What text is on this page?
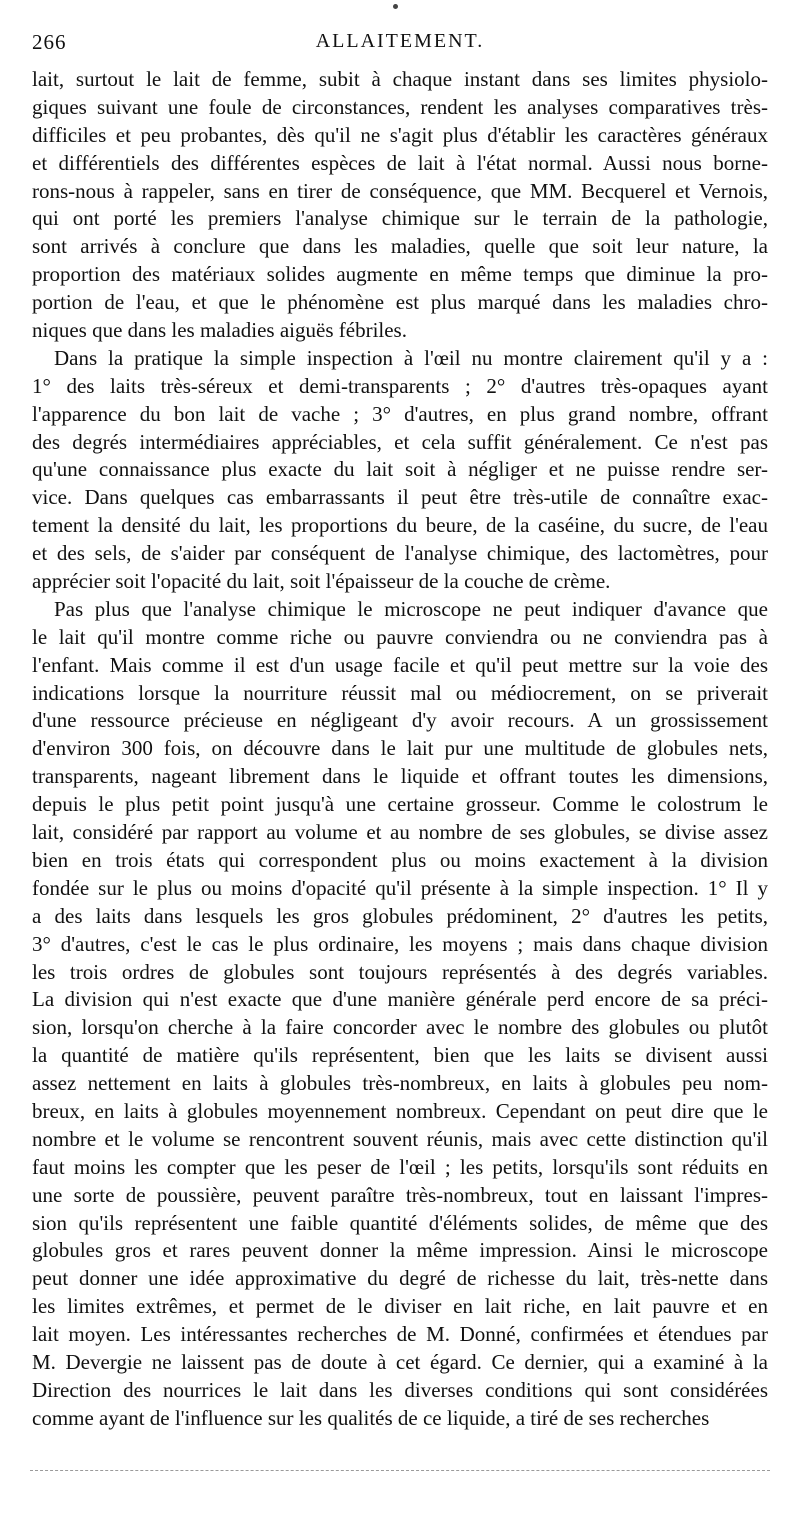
266	ALLAITEMENT.
lait, surtout le lait de femme, subit à chaque instant dans ses limites physiolo-
giques suivant une foule de circonstances, rendent les analyses comparatives très-
difficiles et peu probantes, dès qu'il ne s'agit plus d'établir les caractères généraux
et différentiels des différentes espèces de lait à l'état normal. Aussi nous borne-
rons-nous à rappeler, sans en tirer de conséquence, que MM. Becquerel et Vernois,
qui ont porté les premiers l'analyse chimique sur le terrain de la pathologie,
sont arrivés à conclure que dans les maladies, quelle que soit leur nature, la
proportion des matériaux solides augmente en même temps que diminue la pro-
portion de l'eau, et que le phénomène est plus marqué dans les maladies chro-
niques que dans les maladies aiguës fébriles.
Dans la pratique la simple inspection à l'œil nu montre clairement qu'il y a :
1° des laits très-séreux et demi-transparents ; 2° d'autres très-opaques ayant
l'apparence du bon lait de vache ; 3° d'autres, en plus grand nombre, offrant
des degrés intermédiaires appréciables, et cela suffit généralement. Ce n'est pas
qu'une connaissance plus exacte du lait soit à négliger et ne puisse rendre ser-
vice. Dans quelques cas embarrassants il peut être très-utile de connaître exac-
tement la densité du lait, les proportions du beure, de la caséine, du sucre, de l'eau
et des sels, de s'aider par conséquent de l'analyse chimique, des lactomètres, pour
apprécier soit l'opacité du lait, soit l'épaisseur de la couche de crème.
Pas plus que l'analyse chimique le microscope ne peut indiquer d'avance que
le lait qu'il montre comme riche ou pauvre conviendra ou ne conviendra pas à
l'enfant. Mais comme il est d'un usage facile et qu'il peut mettre sur la voie des
indications lorsque la nourriture réussit mal ou médiocrement, on se priverait
d'une ressource précieuse en négligeant d'y avoir recours. A un grossissement
d'environ 300 fois, on découvre dans le lait pur une multitude de globules nets,
transparents, nageant librement dans le liquide et offrant toutes les dimensions,
depuis le plus petit point jusqu'à une certaine grosseur. Comme le colostrum le
lait, considéré par rapport au volume et au nombre de ses globules, se divise assez
bien en trois états qui correspondent plus ou moins exactement à la division
fondée sur le plus ou moins d'opacité qu'il présente à la simple inspection. 1° Il y
a des laits dans lesquels les gros globules prédominent, 2° d'autres les petits,
3° d'autres, c'est le cas le plus ordinaire, les moyens ; mais dans chaque division
les trois ordres de globules sont toujours représentés à des degrés variables.
La division qui n'est exacte que d'une manière générale perd encore de sa préci-
sion, lorsqu'on cherche à la faire concorder avec le nombre des globules ou plutôt
la quantité de matière qu'ils représentent, bien que les laits se divisent aussi
assez nettement en laits à globules très-nombreux, en laits à globules peu nom-
breux, en laits à globules moyennement nombreux. Cependant on peut dire que le
nombre et le volume se rencontrent souvent réunis, mais avec cette distinction qu'il
faut moins les compter que les peser de l'œil ; les petits, lorsqu'ils sont réduits en
une sorte de poussière, peuvent paraître très-nombreux, tout en laissant l'impres-
sion qu'ils représentent une faible quantité d'éléments solides, de même que des
globules gros et rares peuvent donner la même impression. Ainsi le microscope
peut donner une idée approximative du degré de richesse du lait, très-nette dans
les limites extrêmes, et permet de le diviser en lait riche, en lait pauvre et en
lait moyen. Les intéressantes recherches de M. Donné, confirmées et étendues par
M. Devergie ne laissent pas de doute à cet égard. Ce dernier, qui a examiné à la
Direction des nourrices le lait dans les diverses conditions qui sont considérées
comme ayant de l'influence sur les qualités de ce liquide, a tiré de ses recherches
